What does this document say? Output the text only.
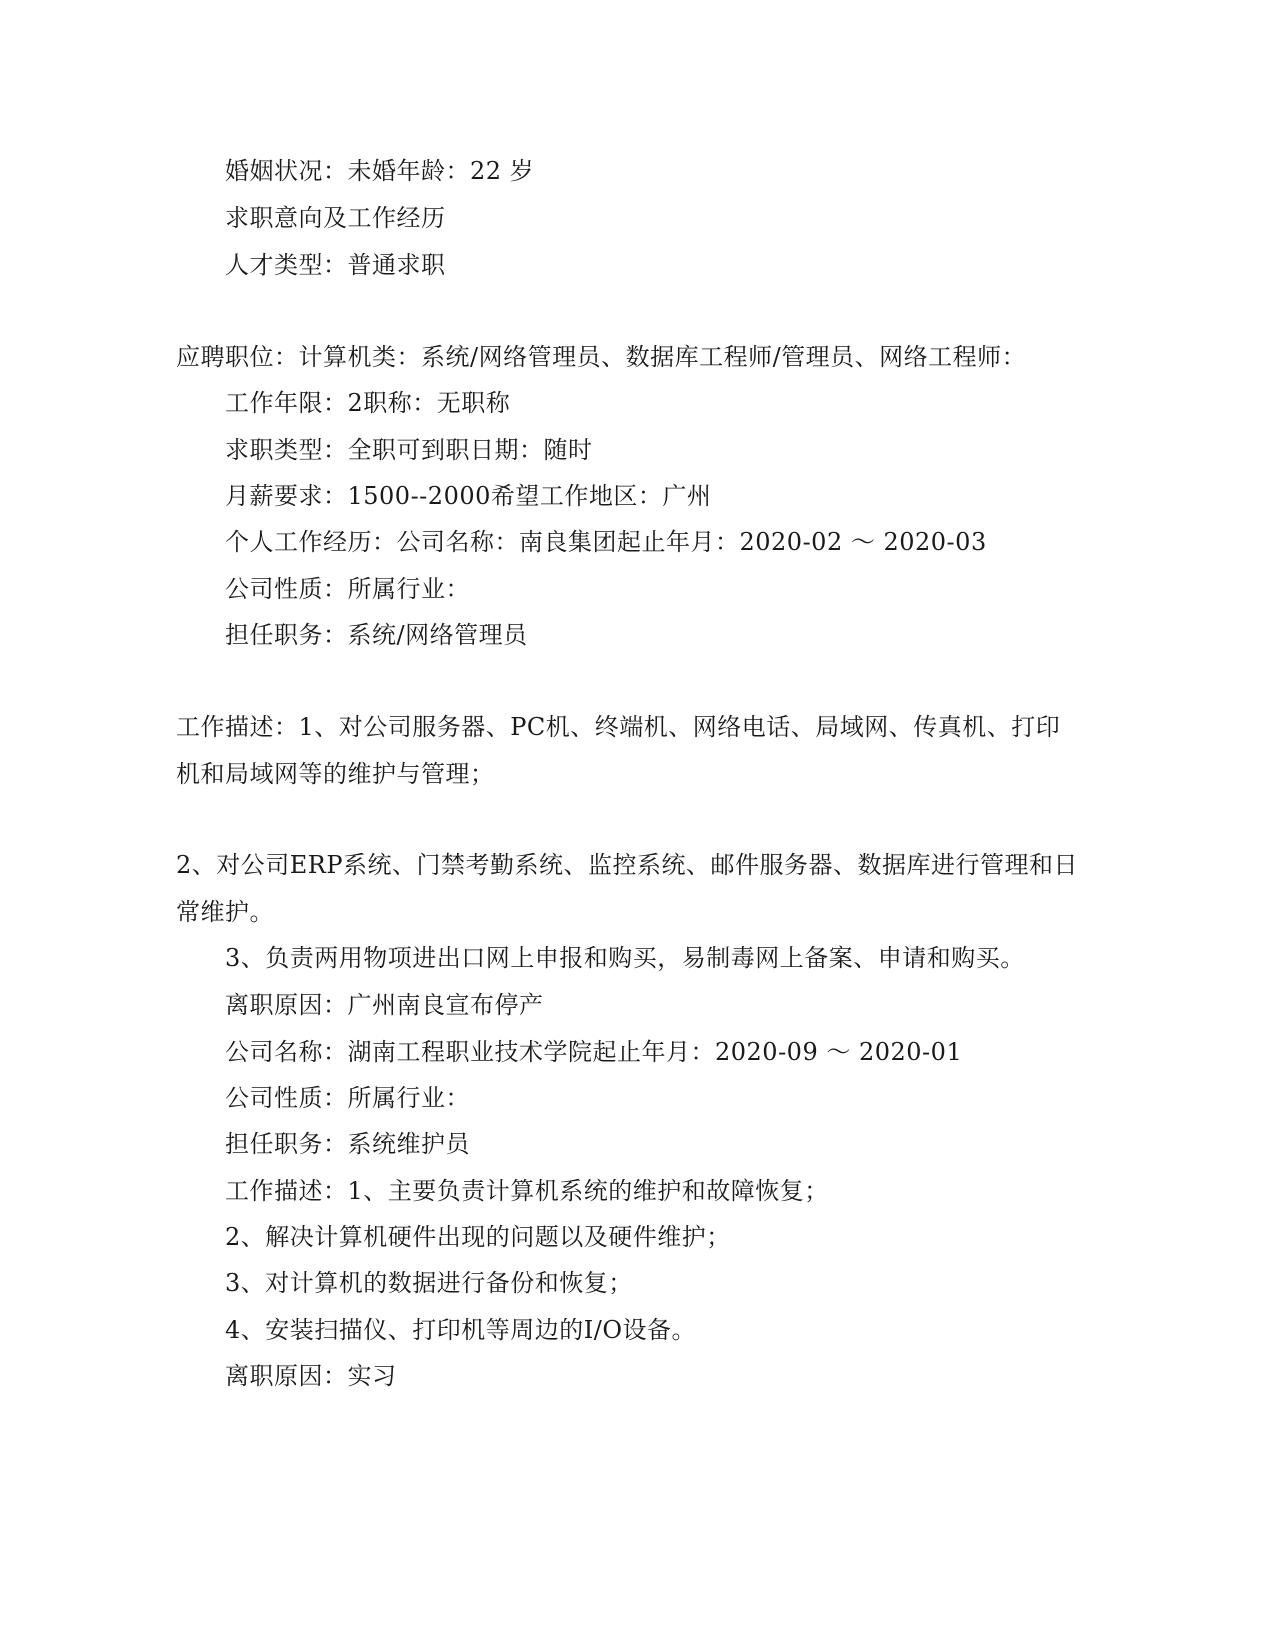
婚姻状况：未婚年龄：22 岁
求职意向及工作经历
人才类型：普通求职
应聘职位：计算机类：系统/网络管理员、数据库工程师/管理员、网络工程师：
工作年限：2职称：无职称
求职类型：全职可到职日期：随时
月薪要求：1500--2000希望工作地区：广州
个人工作经历：公司名称：南良集团起止年月：2020-02 ～ 2020-03
公司性质：所属行业：
担任职务：系统/网络管理员
工作描述：1、对公司服务器、PC机、终端机、网络电话、局域网、传真机、打印
机和局域网等的维护与管理；
2、对公司ERP系统、门禁考勤系统、监控系统、邮件服务器、数据库进行管理和日
常维护。
3、负责两用物项进出口网上申报和购买，易制毒网上备案、申请和购买。
离职原因：广州南良宣布停产
公司名称：湖南工程职业技术学院起止年月：2020-09 ～ 2020-01
公司性质：所属行业：
担任职务：系统维护员
工作描述：1、主要负责计算机系统的维护和故障恢复；
2、解决计算机硬件出现的问题以及硬件维护；
3、对计算机的数据进行备份和恢复；
4、安装扫描仪、打印机等周边的I/O设备。
离职原因：实习
